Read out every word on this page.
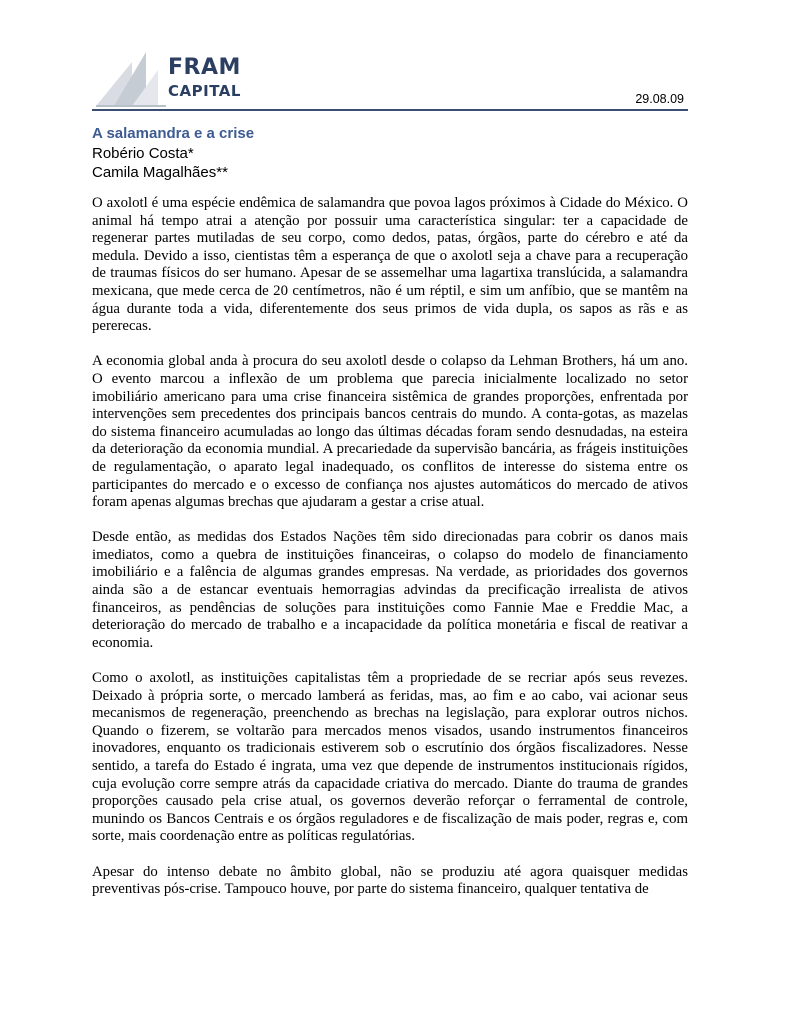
FRAM
CAPITAL	29.08.09

A salamandra e a crise

Robério Costa*

Camila Magalhães**

O axolotl é uma espécie endêmica de salamandra que povoa lagos próximos à Cidade do México. O animal há tempo atrai a atenção por possuir uma característica singular: ter a capacidade de regenerar partes mutiladas de seu corpo, como dedos, patas, órgãos, parte do cérebro e até da medula. Devido a isso, cientistas têm a esperança de que o axolotl seja a chave para a recuperação de traumas físicos do ser humano. Apesar de se assemelhar uma lagartixa translúcida, a salamandra mexicana, que mede cerca de 20 centímetros, não é um réptil, e sim um anfíbio, que se mantêm na água durante toda a vida, diferentemente dos seus primos de vida dupla, os sapos as rãs e as pererecas.

A economia global anda à procura do seu axolotl desde o colapso da Lehman Brothers, há um ano. O evento marcou a inflexão de um problema que parecia inicialmente localizado no setor imobiliário americano para uma crise financeira sistêmica de grandes proporções, enfrentada por intervenções sem precedentes dos principais bancos centrais do mundo. A conta-gotas, as mazelas do sistema financeiro acumuladas ao longo das últimas décadas foram sendo desnudadas, na esteira da deterioração da economia mundial. A precariedade da supervisão bancária, as frágeis instituições de regulamentação, o aparato legal inadequado, os conflitos de interesse do sistema entre os participantes do mercado e o excesso de confiança nos ajustes automáticos do mercado de ativos foram apenas algumas brechas que ajudaram a gestar a crise atual.

Desde então, as medidas dos Estados Nações têm sido direcionadas para cobrir os danos mais imediatos, como a quebra de instituições financeiras, o colapso do modelo de financiamento imobiliário e a falência de algumas grandes empresas. Na verdade, as prioridades dos governos ainda são a de estancar eventuais hemorragias advindas da precificação irrealista de ativos financeiros, as pendências de soluções para instituições como Fannie Mae e Freddie Mac, a deterioração do mercado de trabalho e a incapacidade da política monetária e fiscal de reativar a economia.

Como o axolotl, as instituições capitalistas têm a propriedade de se recriar após seus revezes. Deixado à própria sorte, o mercado lamberá as feridas, mas, ao fim e ao cabo, vai acionar seus mecanismos de regeneração, preenchendo as brechas na legislação, para explorar outros nichos. Quando o fizerem, se voltarão para mercados menos visados, usando instrumentos financeiros inovadores, enquanto os tradicionais estiverem sob o escrutínio dos órgãos fiscalizadores. Nesse sentido, a tarefa do Estado é ingrata, uma vez que depende de instrumentos institucionais rígidos, cuja evolução corre sempre atrás da capacidade criativa do mercado. Diante do trauma de grandes proporções causado pela crise atual, os governos deverão reforçar o ferramental de controle, munindo os Bancos Centrais e os órgãos reguladores e de fiscalização de mais poder, regras e, com sorte, mais coordenação entre as políticas regulatórias.

Apesar do intenso debate no âmbito global, não se produziu até agora quaisquer medidas preventivas pós-crise. Tampouco houve, por parte do sistema financeiro, qualquer tentativa de
